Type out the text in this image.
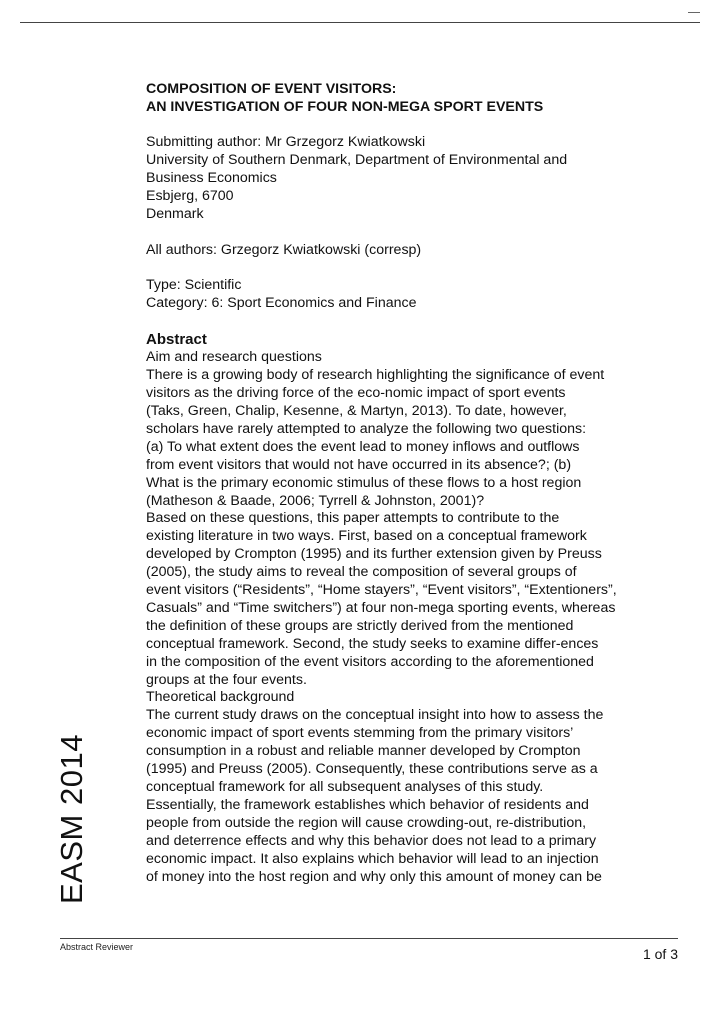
EASM 2014
COMPOSITION OF EVENT VISITORS:
AN INVESTIGATION OF FOUR NON-MEGA SPORT EVENTS
Submitting author: Mr Grzegorz Kwiatkowski
University of Southern Denmark, Department of Environmental and
Business Economics
Esbjerg, 6700
Denmark
All authors: Grzegorz Kwiatkowski (corresp)
Type: Scientific
Category: 6: Sport Economics and Finance
Abstract
Aim and research questions
There is a growing body of research highlighting the significance of event
visitors as the driving force of the eco-nomic impact of sport events
(Taks, Green, Chalip, Kesenne, & Martyn, 2013). To date, however,
scholars have rarely attempted to analyze the following two questions:
(a) To what extent does the event lead to money inflows and outflows
from event visitors that would not have occurred in its absence?; (b)
What is the primary economic stimulus of these flows to a host region
(Matheson & Baade, 2006; Tyrrell & Johnston, 2001)?
Based on these questions, this paper attempts to contribute to the
existing literature in two ways. First, based on a conceptual framework
developed by Crompton (1995) and its further extension given by Preuss
(2005), the study aims to reveal the composition of several groups of
event visitors (“Residents”, “Home stayers”, “Event visitors”, “Extentioners”,
Casuals” and “Time switchers”) at four non-mega sporting events, whereas
the definition of these groups are strictly derived from the mentioned
conceptual framework. Second, the study seeks to examine differ-ences
in the composition of the event visitors according to the aforementioned
groups at the four events.
Theoretical background
The current study draws on the conceptual insight into how to assess the
economic impact of sport events stemming from the primary visitors’
consumption in a robust and reliable manner developed by Crompton
(1995) and Preuss (2005). Consequently, these contributions serve as a
conceptual framework for all subsequent analyses of this study.
Essentially, the framework establishes which behavior of residents and
people from outside the region will cause crowding-out, re-distribution,
and deterrence effects and why this behavior does not lead to a primary
economic impact. It also explains which behavior will lead to an injection
of money into the host region and why only this amount of money can be
Abstract Reviewer	1 of 3
